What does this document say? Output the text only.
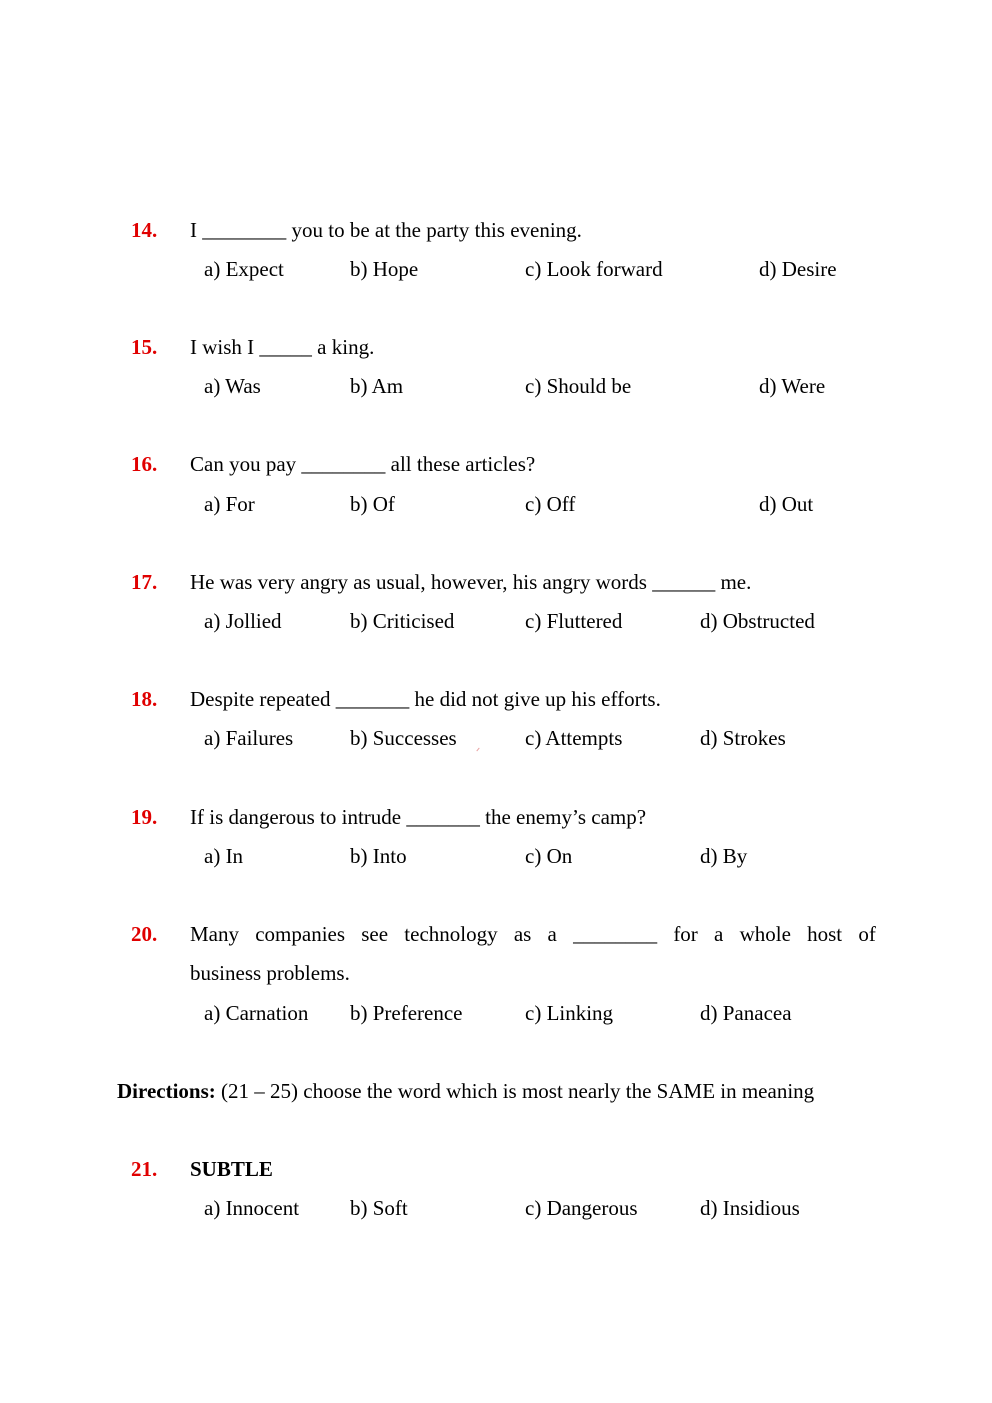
14. I ________ you to be at the party this evening.
a) Expect	b) Hope	c) Look forward	d) Desire
15. I wish I _____ a king.
a) Was	b) Am	c) Should be	d) Were
16. Can you pay ________ all these articles?
a) For	b) Of	c) Off	d) Out
17. He was very angry as usual, however, his angry words ______ me.
a) Jollied	b) Criticised	c) Fluttered	d) Obstructed
18. Despite repeated _______ he did not give up his efforts.
a) Failures	b) Successes	c) Attempts	d) Strokes
19. If is dangerous to intrude _______ the enemy’s camp?
a) In	b) Into	c) On	d) By
20. Many companies see technology as a ________ for a whole host of
business problems.
a) Carnation b) Preference	c) Linking	d) Panacea
Directions: (21 – 25) choose the word which is most nearly the SAME in meaning
21. SUBTLE
a) Innocent b) Soft	c) Dangerous	d) Insidious
